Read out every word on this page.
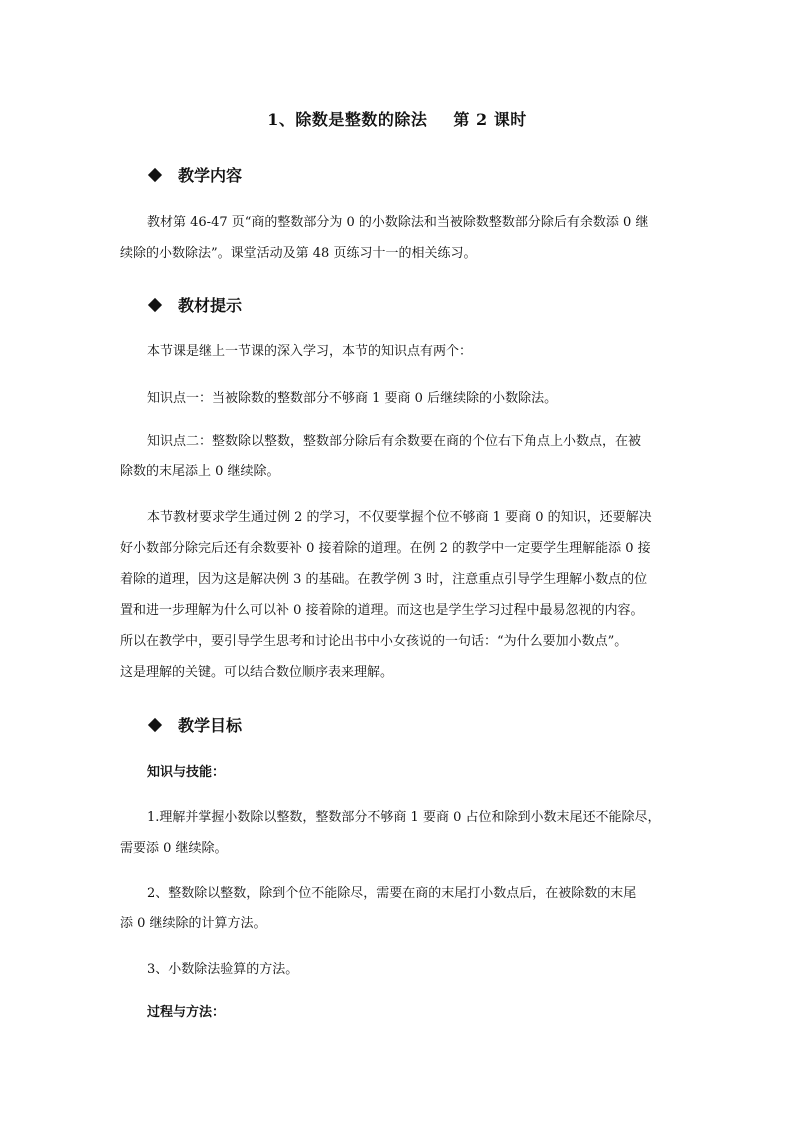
1、除数是整数的除法 第 2 课时
教学内容
教材第 46-47 页“商的整数部分为 0 的小数除法和当被除数整数部分除后有余数添 0 继
续除的小数除法”。课堂活动及第 48 页练习十一的相关练习。
教材提示
本节课是继上一节课的深入学习，本节的知识点有两个：
知识点一：当被除数的整数部分不够商 1 要商 0 后继续除的小数除法。
知识点二：整数除以整数，整数部分除后有余数要在商的个位右下角点上小数点，在被
除数的末尾添上 0 继续除。
本节教材要求学生通过例 2 的学习，不仅要掌握个位不够商 1 要商 0 的知识，还要解决
好小数部分除完后还有余数要补 0 接着除的道理。在例 2 的教学中一定要学生理解能添 0 接
着除的道理，因为这是解决例 3 的基础。在教学例 3 时，注意重点引导学生理解小数点的位
置和进一步理解为什么可以补 0 接着除的道理。而这也是学生学习过程中最易忽视的内容。
所以在教学中，要引导学生思考和讨论出书中小女孩说的一句话：“为什么要加小数点”。
这是理解的关键。可以结合数位顺序表来理解。
教学目标
知识与技能：
1.理解并掌握小数除以整数，整数部分不够商 1 要商 0 占位和除到小数末尾还不能除尽，
需要添 0 继续除。
2、整数除以整数，除到个位不能除尽，需要在商的末尾打小数点后，在被除数的末尾
添 0 继续除的计算方法。
3、小数除法验算的方法。
过程与方法：
